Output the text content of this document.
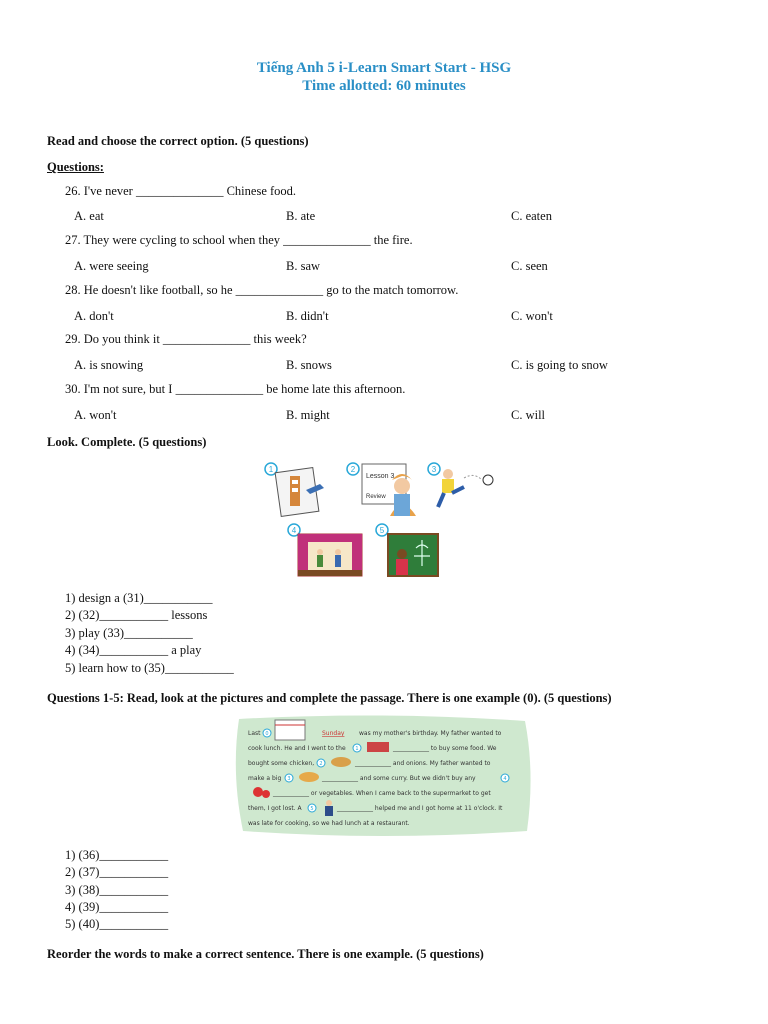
Tiếng Anh 5 i-Learn Smart Start - HSG
Time allotted: 60 minutes
Read and choose the correct option. (5 questions)
Questions:
26. I've never ______________ Chinese food.
A. eat	B. ate	C. eaten
27. They were cycling to school when they ______________ the fire.
A. were seeing	B. saw	C. seen
28. He doesn't like football, so he ______________ go to the match tomorrow.
A. don't	B. didn't	C. won't
29. Do you think it ______________ this week?
A. is snowing	B. snows	C. is going to snow
30. I'm not sure, but I ______________ be home late this afternoon.
A. won't	B. might	C. will
Look. Complete. (5 questions)
1	2
Lesson 3
Review
3
4	5
1) design a (31)___________
2) (32)___________ lessons
3) play (33)___________
4) (34)___________ a play
5) learn how to (35)___________
Questions 1-5: Read, look at the pictures and complete the passage. There is one example (0). (5 questions)
Last 0	Sunday was my mother's birthday. My father wanted to
cook lunch. He and I went to the 1	____________ to buy some food. We
bought some chicken, 2	____________ and onions. My father wanted to
make a big 3	____________ and some curry. But we didn't buy any	4
____________ or vegetables. When I came back to the supermarket to get
them, I got lost. A 5	____________ helped me and I got home at 11 o'clock. It
was late for cooking, so we had lunch at a restaurant.
1) (36)___________
2) (37)___________
3) (38)___________
4) (39)___________
5) (40)___________
Reorder the words to make a correct sentence. There is one example. (5 questions)
